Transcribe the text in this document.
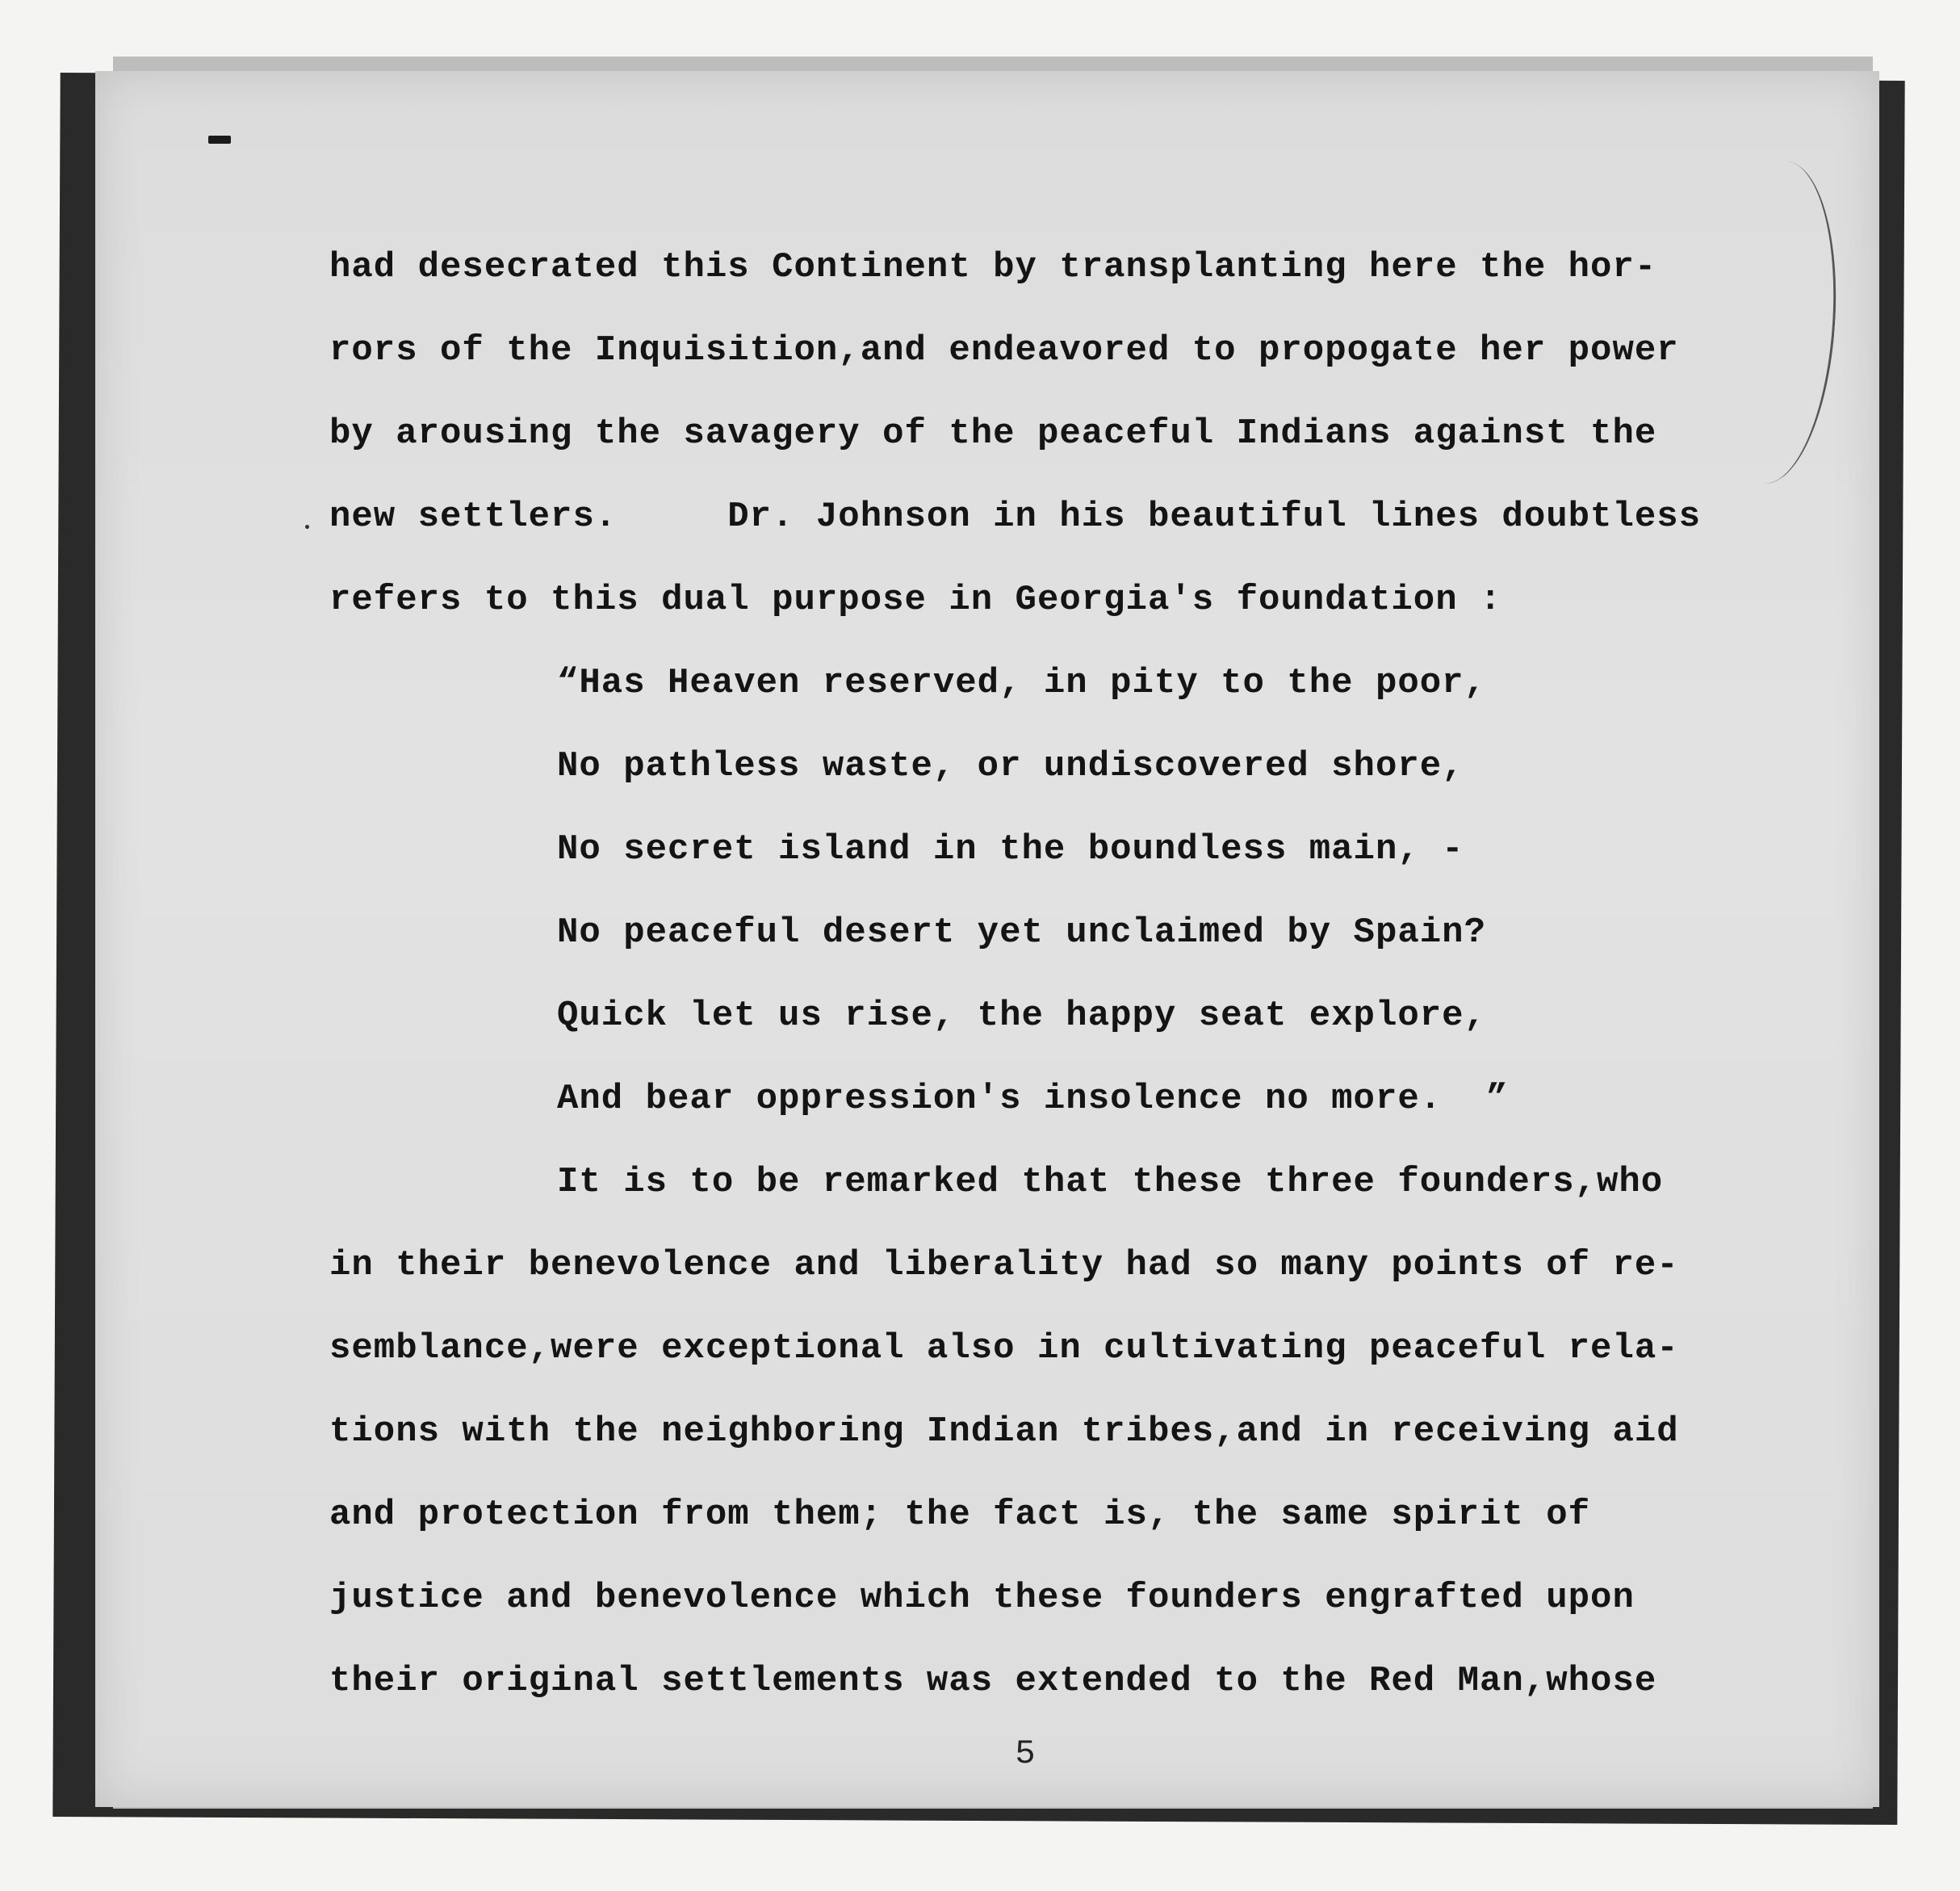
had desecrated this Continent by transplanting here the hor-
rors of the Inquisition,and endeavored to propogate her power
by arousing the savagery of the peaceful Indians against the
new settlers.     Dr. Johnson in his beautiful lines doubtless
refers to this dual purpose in Georgia's foundation :
“Has Heaven reserved, in pity to the poor,
No pathless waste, or undiscovered shore,
No secret island in the boundless main, -
No peaceful desert yet unclaimed by Spain?
Quick let us rise, the happy seat explore,
And bear oppression's insolence no more.  ”
It is to be remarked that these three founders,who
in their benevolence and liberality had so many points of re-
semblance,were exceptional also in cultivating peaceful rela-
tions with the neighboring Indian tribes,and in receiving aid
and protection from them; the fact is, the same spirit of
justice and benevolence which these founders engrafted upon
their original settlements was extended to the Red Man,whose
5
